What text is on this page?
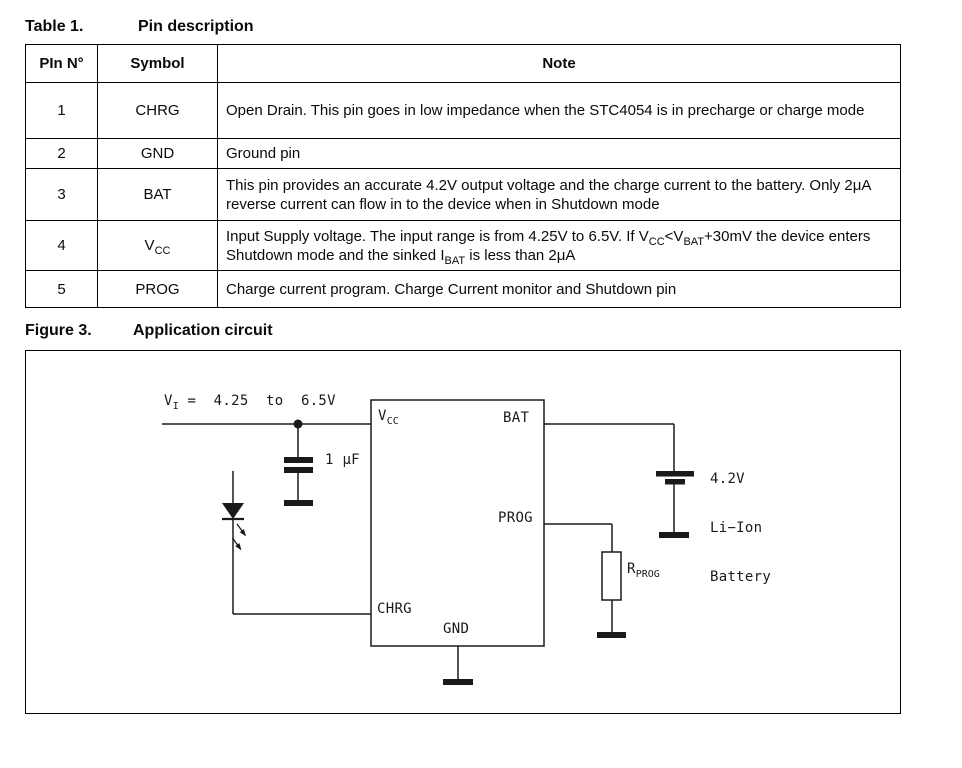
Table 1.	Pin description
PIn N°	Symbol	Note
1	CHRG	Open Drain. This pin goes in low impedance when the STC4054 is in precharge or charge mode
2	GND	Ground pin
3	BAT	This pin provides an accurate 4.2V output voltage and the charge current to the battery. Only 2μA reverse current can flow in to the device when in Shutdown mode
4	$V_{CC}$	Input Supply voltage. The input range is from 4.25V to 6.5V. If $V_{CC}<V_{BAT}+30mV$ the device enters Shutdown mode and the sinked $I_{BAT}$ is less than 2μA
5	PROG	Charge current program. Charge Current monitor and Shutdown pin
Figure 3.	Application circuit
$V_I = 4.25$  to  6.5V
1 μF
$V_{CC}$	BAT
PROG
CHRG
GND
$R_{PROG}$

4.2V

Li−Ion

Battery
